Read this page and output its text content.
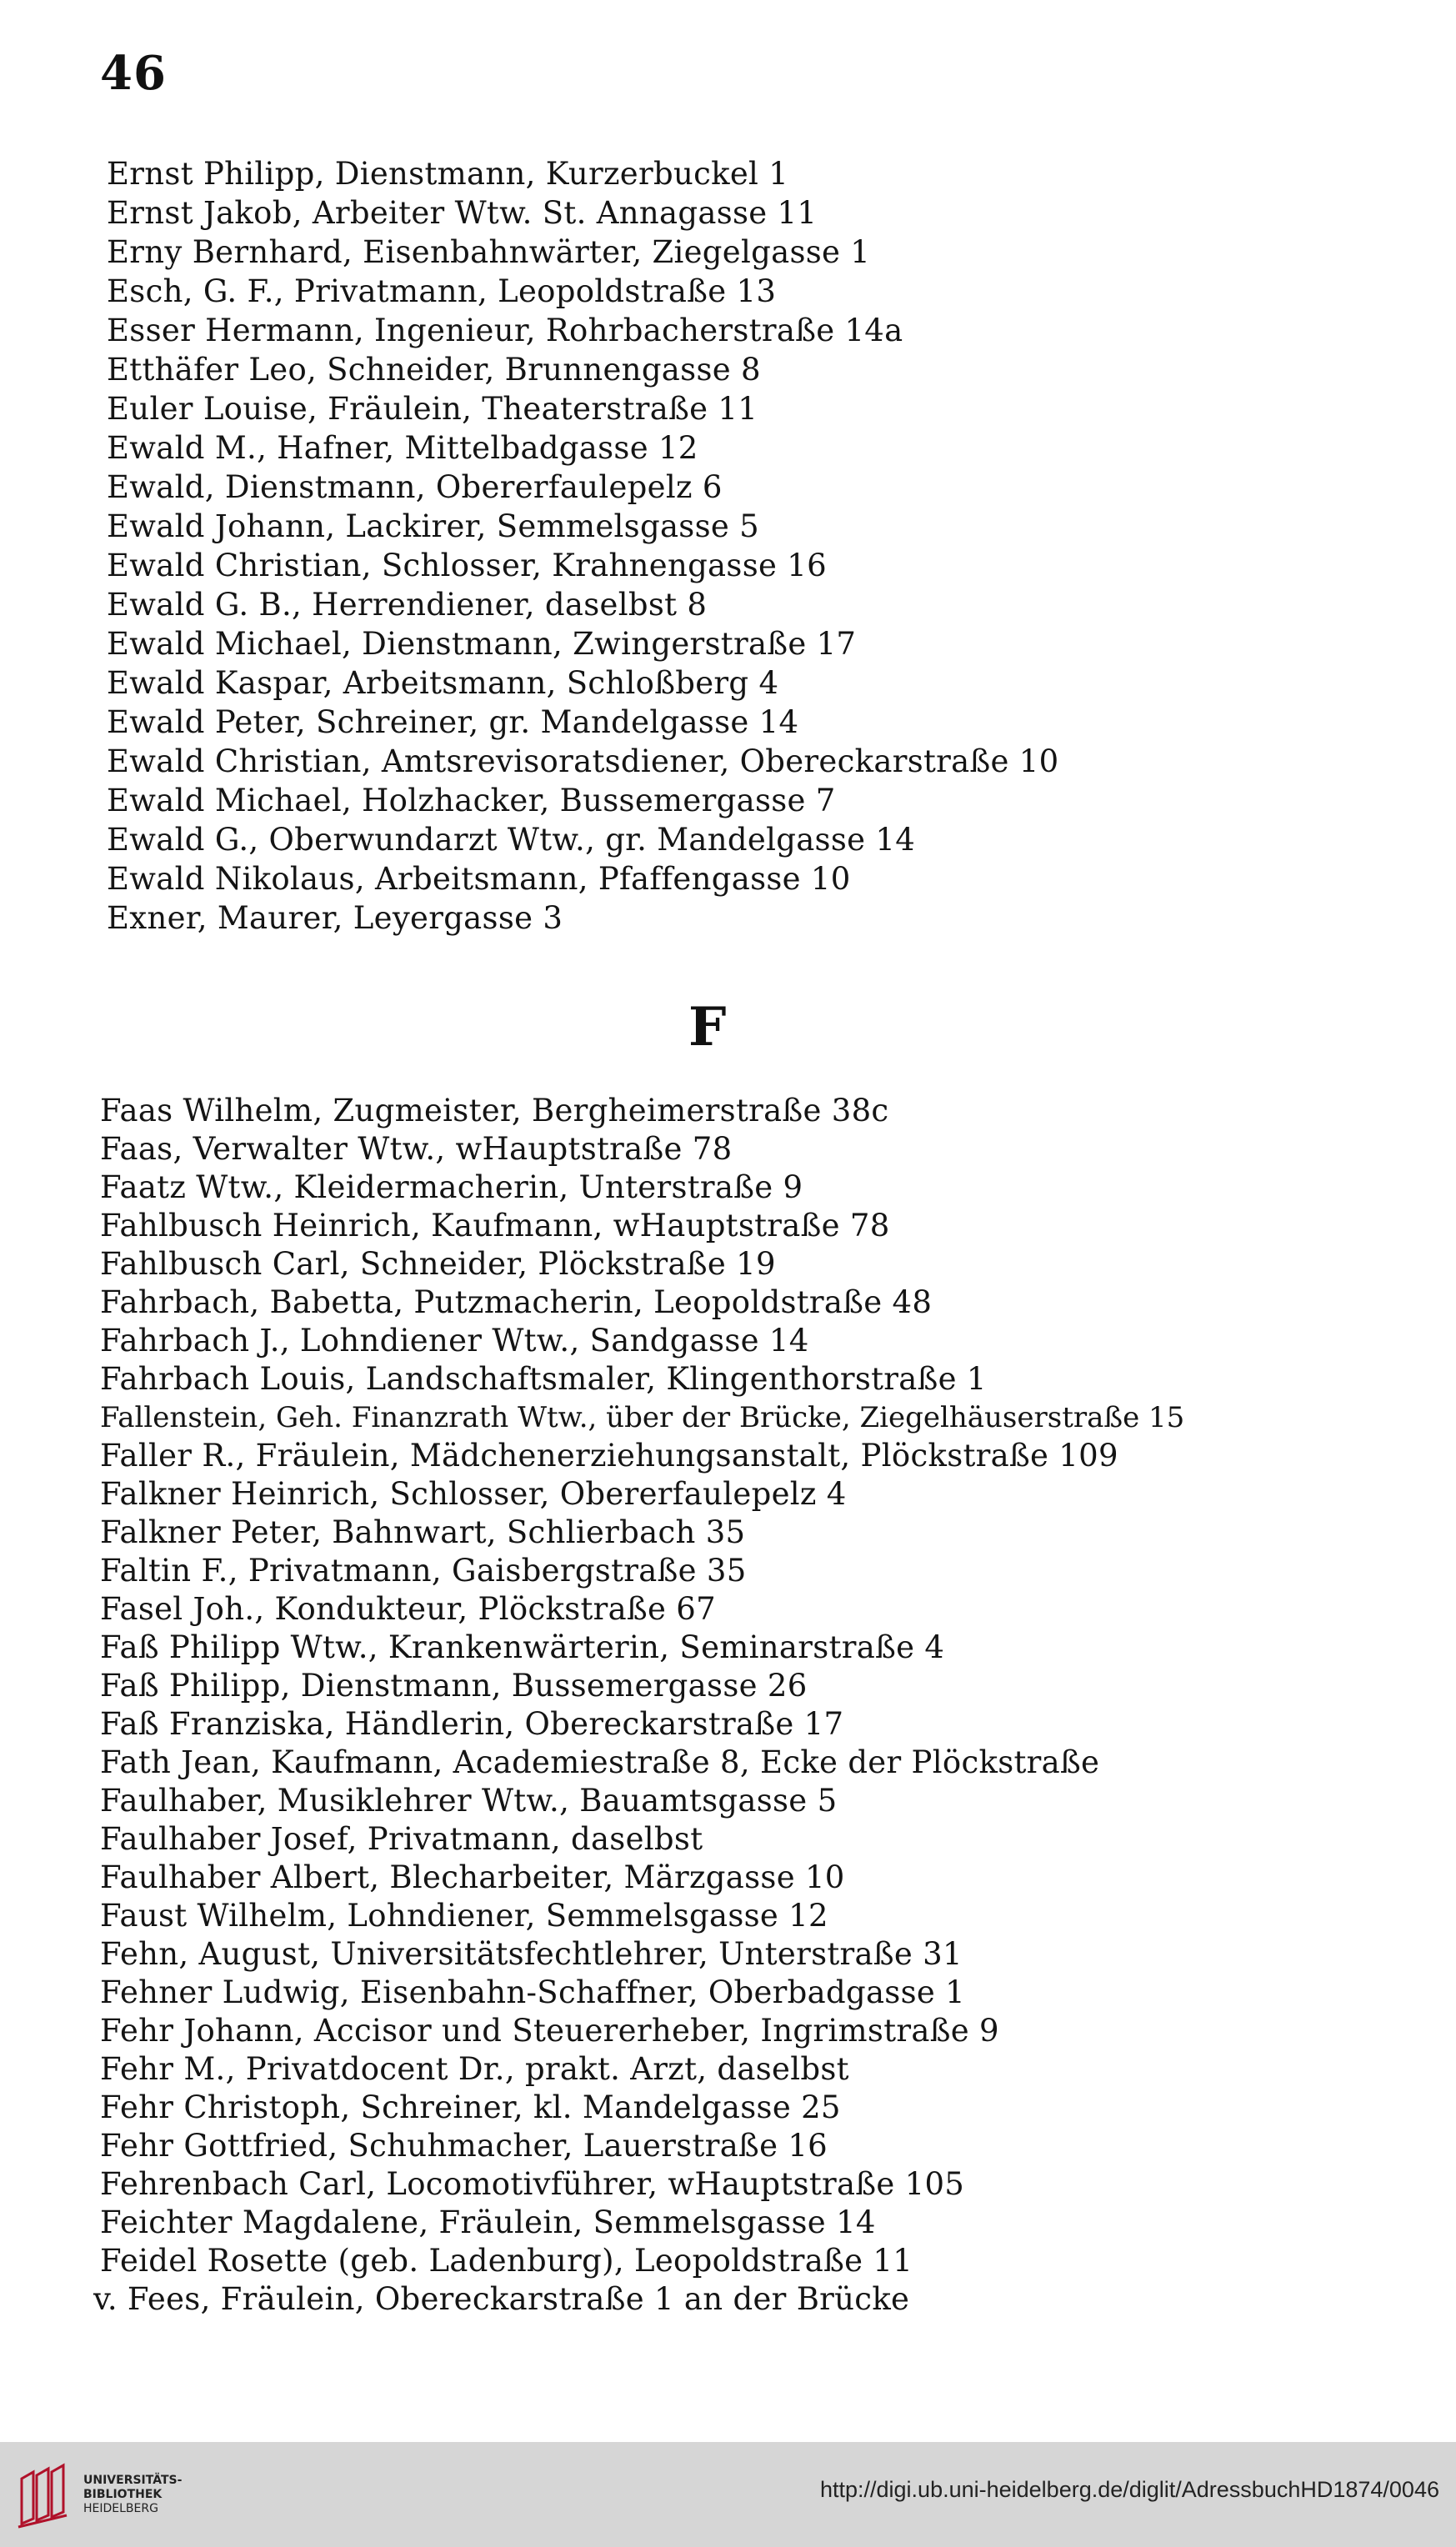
46
Ernst Philipp, Dienstmann, Kurzerbuckel 1
Ernst Jakob, Arbeiter Wtw. St. Annagasse 11
Erny Bernhard, Eisenbahnwärter, Ziegelgasse 1
Esch, G. F., Privatmann, Leopoldstraße 13
Esser Hermann, Ingenieur, Rohrbacherstraße 14a
Etthäfer Leo, Schneider, Brunnengasse 8
Euler Louise, Fräulein, Theaterstraße 11
Ewald M., Hafner, Mittelbadgasse 12
Ewald, Dienstmann, Obererfaulepelz 6
Ewald Johann, Lackirer, Semmelsgasse 5
Ewald Christian, Schlosser, Krahnengasse 16
Ewald G. B., Herrendiener, daselbst 8
Ewald Michael, Dienstmann, Zwingerstraße 17
Ewald Kaspar, Arbeitsmann, Schloßberg 4
Ewald Peter, Schreiner, gr. Mandelgasse 14
Ewald Christian, Amtsrevisoratsdiener, Obereckarstraße 10
Ewald Michael, Holzhacker, Bussemergasse 7
Ewald G., Oberwundarzt Wtw., gr. Mandelgasse 14
Ewald Nikolaus, Arbeitsmann, Pfaffengasse 10
Exner, Maurer, Leyergasse 3
F
Faas Wilhelm, Zugmeister, Bergheimerstraße 38c
Faas, Verwalter Wtw., wHauptstraße 78
Faatz Wtw., Kleidermacherin, Unterstraße 9
Fahlbusch Heinrich, Kaufmann, wHauptstraße 78
Fahlbusch Carl, Schneider, Plöckstraße 19
Fahrbach, Babetta, Putzmacherin, Leopoldstraße 48
Fahrbach J., Lohndiener Wtw., Sandgasse 14
Fahrbach Louis, Landschaftsmaler, Klingenthorstraße 1
Fallenstein, Geh. Finanzrath Wtw., über der Brücke, Ziegelhäuserstraße 15
Faller R., Fräulein, Mädchenerziehungsanstalt, Plöckstraße 109
Falkner Heinrich, Schlosser, Obererfaulepelz 4
Falkner Peter, Bahnwart, Schlierbach 35
Faltin F., Privatmann, Gaisbergstraße 35
Fasel Joh., Kondukteur, Plöckstraße 67
Faß Philipp Wtw., Krankenwärterin, Seminarstraße 4
Faß Philipp, Dienstmann, Bussemergasse 26
Faß Franziska, Händlerin, Obereckarstraße 17
Fath Jean, Kaufmann, Academiestraße 8, Ecke der Plöckstraße
Faulhaber, Musiklehrer Wtw., Bauamtsgasse 5
Faulhaber Josef, Privatmann, daselbst
Faulhaber Albert, Blecharbeiter, Märzgasse 10
Faust Wilhelm, Lohndiener, Semmelsgasse 12
Fehn, August, Universitätsfechtlehrer, Unterstraße 31
Fehner Ludwig, Eisenbahn-Schaffner, Oberbadgasse 1
Fehr Johann, Accisor und Steuererheber, Ingrimstraße 9
Fehr M., Privatdocent Dr., prakt. Arzt, daselbst
Fehr Christoph, Schreiner, kl. Mandelgasse 25
Fehr Gottfried, Schuhmacher, Lauerstraße 16
Fehrenbach Carl, Locomotivführer, wHauptstraße 105
Feichter Magdalene, Fräulein, Semmelsgasse 14
Feidel Rosette (geb. Ladenburg), Leopoldstraße 11
v. Fees, Fräulein, Obereckarstraße 1 an der Brücke
UNIVERSITÄTS-
BIBLIOTHEK
HEIDELBERG
http://digi.ub.uni-heidelberg.de/diglit/AdressbuchHD1874/0046
